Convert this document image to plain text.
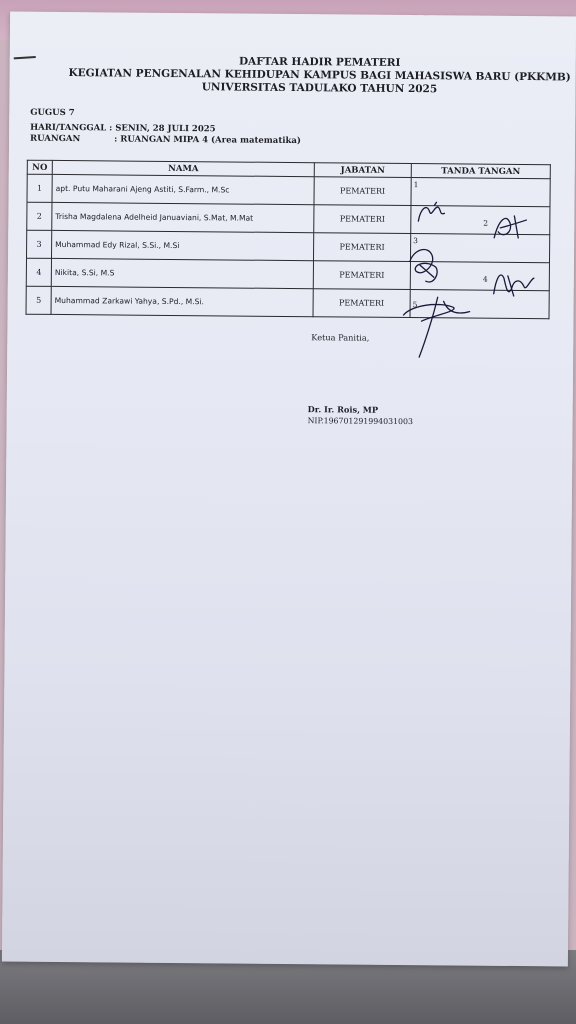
DAFTAR HADIR PEMATERI
KEGIATAN PENGENALAN KEHIDUPAN KAMPUS BAGI MAHASISWA BARU (PKKMB)
UNIVERSITAS TADULAKO TAHUN 2025
GUGUS 7
HARI/TANGGAL : SENIN, 28 JULI 2025
RUANGAN	: RUANGAN MIPA 4 (Area matematika)
NO	NAMA	JABATAN	TANDA TANGAN
1	apt. Putu Maharani Ajeng Astiti, S.Farm., M.Sc	PEMATERI	1

2	Trisha Magdalena Adelheid Januaviani, S.Mat, M.Mat	PEMATERI	2

3	Muhammad Edy Rizal, S.Si., M.Si	PEMATERI	3

4	Nikita, S.Si, M.S	PEMATERI	4

5	Muhammad Zarkawi Yahya, S.Pd., M.Si.	PEMATERI	5
Ketua Panitia,
Dr. Ir. Rois, MP
NIP.196701291994031003
